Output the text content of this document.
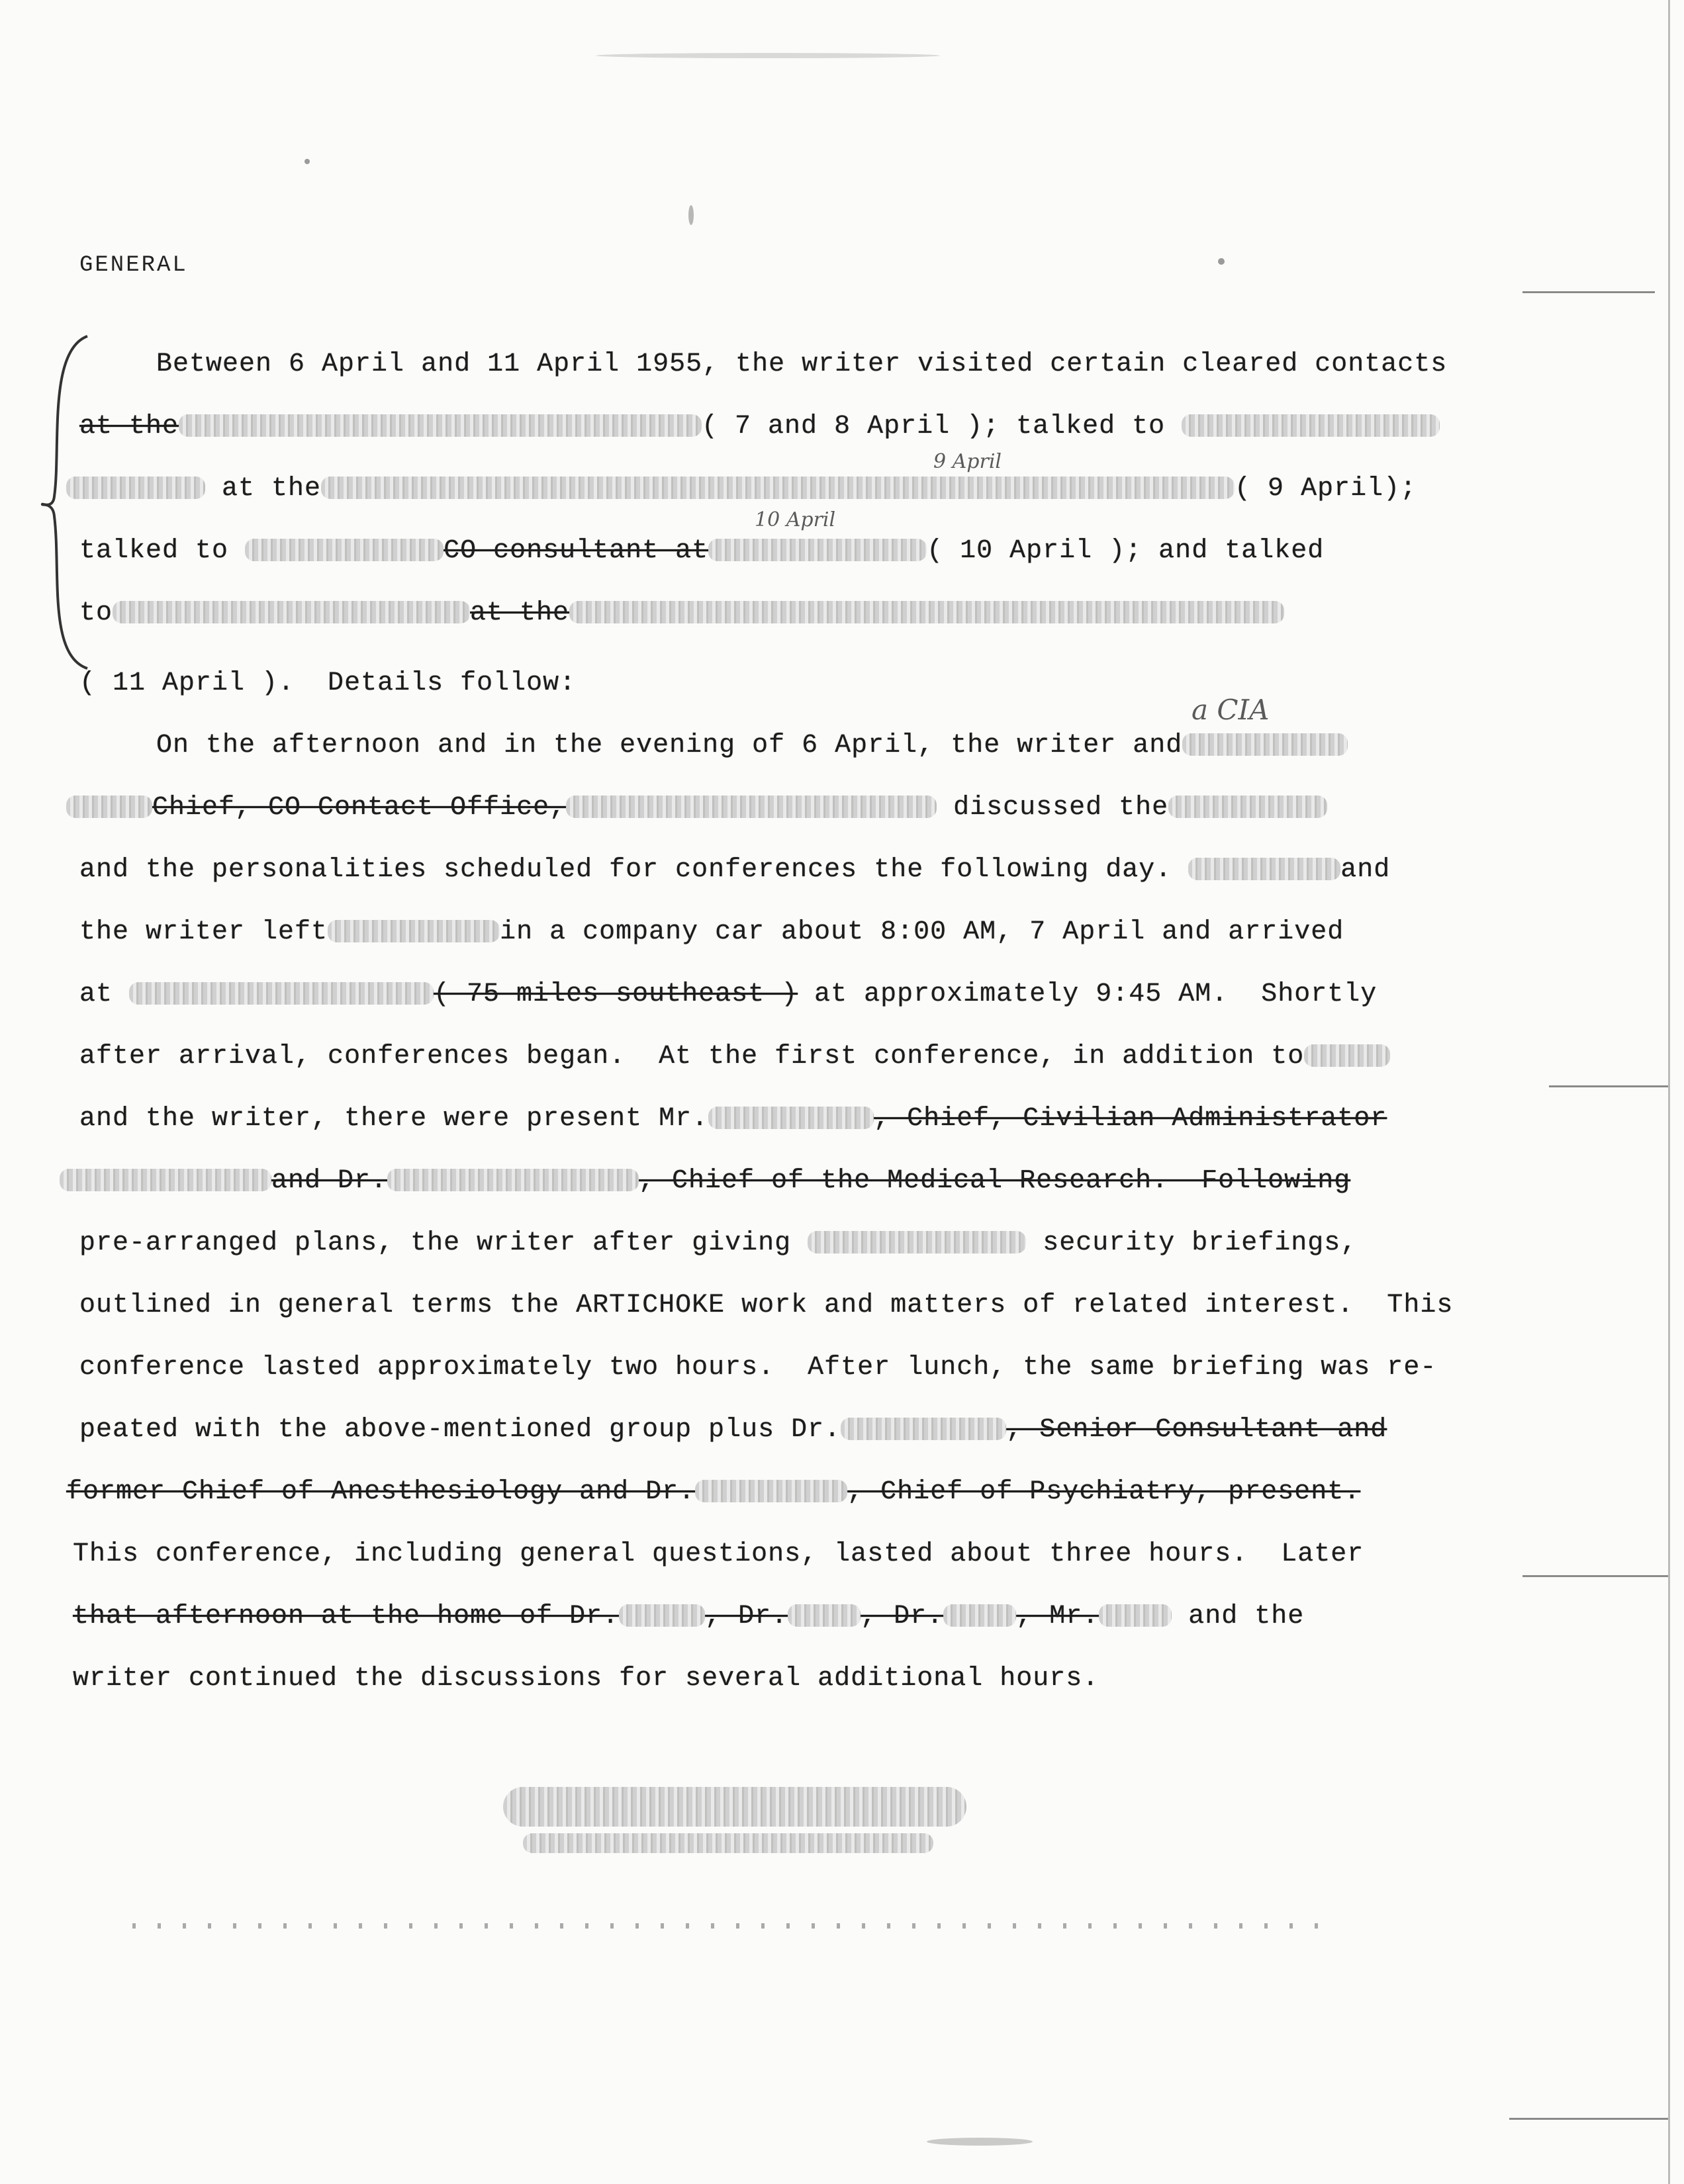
GENERAL
Between 6 April and 11 April 1955, the writer visited certain cleared contacts
at the	( 7 and 8 April ); talked to
at the	( 9 April);
talked to	CO consultant at	( 10 April ); and talked
to	at the
( 11 April ).  Details follow:
On the afternoon and in the evening of 6 April, the writer and
Chief, CO Contact Office,	discussed the
and the personalities scheduled for conferences the following day.	and
the writer left	in a company car about 8:00 AM, 7 April and arrived
at	( 75 miles southeast ) at approximately 9:45 AM.  Shortly
after arrival, conferences began.  At the first conference, in addition to
and the writer, there were present Mr.	, Chief, Civilian Administrator
and Dr.	, Chief of the Medical Research.  Following
pre-arranged plans, the writer after giving	security briefings,
outlined in general terms the ARTICHOKE work and matters of related interest.  This
conference lasted approximately two hours.  After lunch, the same briefing was re-
peated with the above-mentioned group plus Dr.	, Senior Consultant and
former Chief of Anesthesiology and Dr.	, Chief of Psychiatry, present.
This conference, including general questions, lasted about three hours.  Later
that afternoon at the home of Dr.	, Dr.	, Dr.	, Mr.	and the
writer continued the discussions for several additional hours.
a CIA
9 April
10 April
